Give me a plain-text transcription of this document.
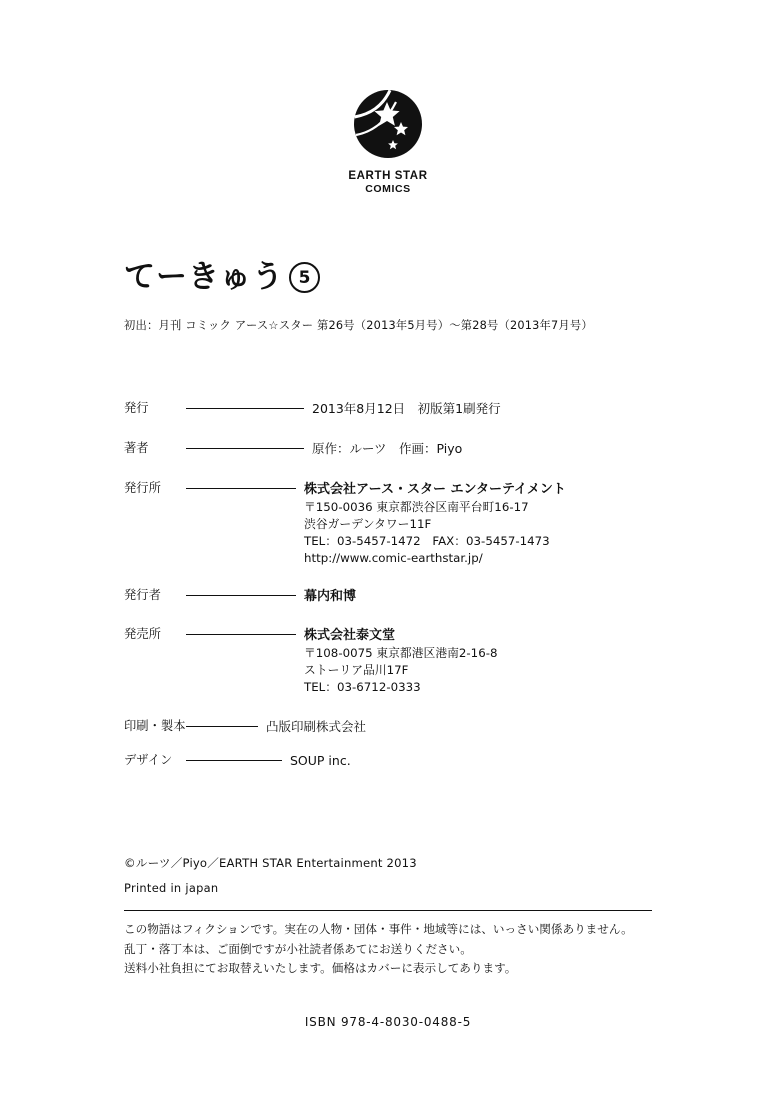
EARTH STAR
COMICS
てーきゅう 5
初出：月刊 コミック アース☆スター 第26号（2013年5月号）〜第28号（2013年7月号）
発行	2013年8月12日　初版第1刷発行
著者	原作：ルーツ　作画：Piyo
発行所	株式会社アース・スター エンターテイメント
〒150-0036 東京都渋谷区南平台町16-17
渋谷ガーデンタワー11F
TEL：03-5457-1472　FAX：03-5457-1473
http://www.comic-earthstar.jp/
発行者	幕内和博
発売所	株式会社泰文堂
〒108-0075 東京都港区港南2-16-8
ストーリア品川17F
TEL：03-6712-0333
印刷・製本	凸版印刷株式会社
デザイン	SOUP inc.
©ルーツ／Piyo／EARTH STAR Entertainment 2013
Printed in japan
この物語はフィクションです。実在の人物・団体・事件・地域等には、いっさい関係ありません。
乱丁・落丁本は、ご面倒ですが小社読者係あてにお送りください。
送料小社負担にてお取替えいたします。価格はカバーに表示してあります。
ISBN 978-4-8030-0488-5
